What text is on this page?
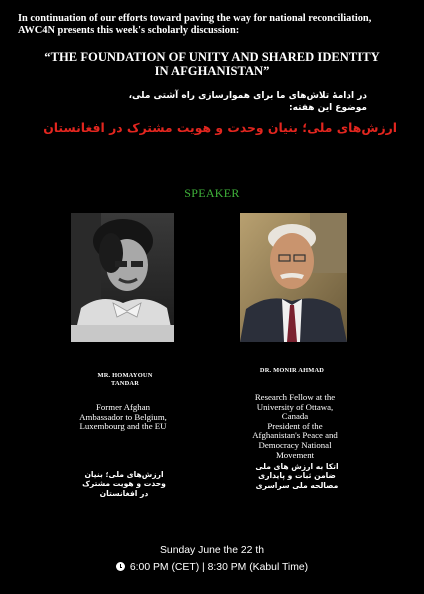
In continuation of our efforts toward paving the way for national reconciliation,
AWC4N presents this week's scholarly discussion:
“THE FOUNDATION OF UNITY AND SHARED IDENTITY
IN AFGHANISTAN”
در ادامهٔ تلاش‌های ما برای هموارسازی راه آشتی ملی،
موضوع این هفته:
ارزش‌های ملی؛ بنیان وحدت و هویت مشترک در افغانستان
SPEAKER
MR. HOMAYOUN
TANDAR
DR. MONIR AHMAD
Former Afghan
Ambassador to Belgium,
Luxembourg and the EU
Research Fellow at the
University of Ottawa,
Canada
President of the
Afghanistan's Peace and
Democracy National
Movement
ارزش‌های ملی؛ بنیان
وحدت و هویت مشترک
در افغانستان
اتکا به ارزش های ملی
ضامن ثبات و پایداری
مصالحه ملی سراسری
Sunday June the 22 th
6:00 PM (CET) | 8:30 PM (Kabul Time)
